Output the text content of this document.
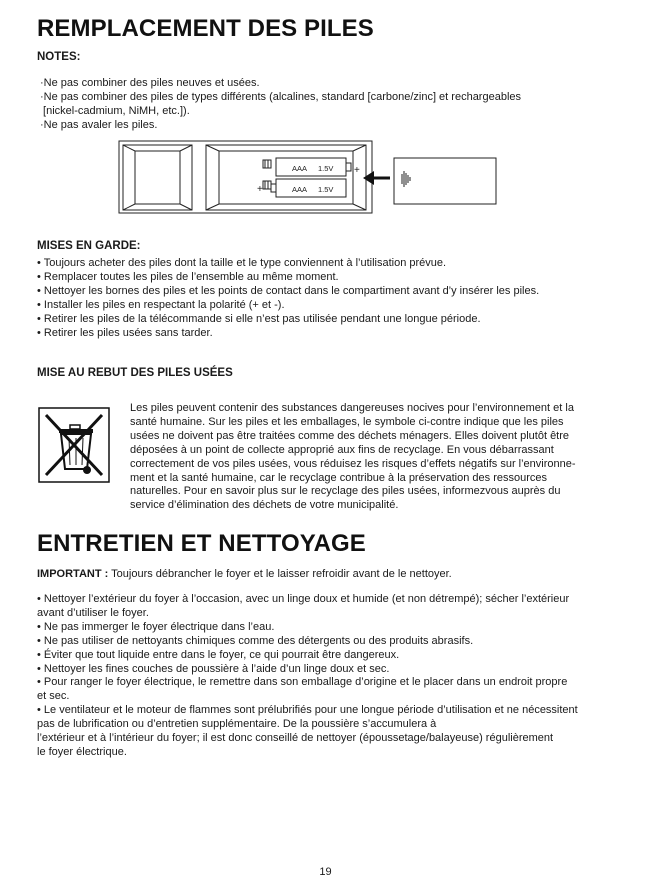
REMPLACEMENT DES PILES
NOTES:
·Ne pas combiner des piles neuves et usées.
·Ne pas combiner des piles de types différents (alcalines, standard [carbone/zinc] et rechargeables
[nickel-cadmium, NiMH, etc.]).
·Ne pas avaler les piles.
AAA 1.5V +
AAA 1.5V
+
MISES EN GARDE:
• Toujours acheter des piles dont la taille et le type conviennent à l’utilisation prévue.
• Remplacer toutes les piles de l’ensemble au même moment.
• Nettoyer les bornes des piles et les points de contact dans le compartiment avant d’y insérer les piles.
• Installer les piles en respectant la polarité (+ et -).
• Retirer les piles de la télécommande si elle n’est pas utilisée pendant une longue période.
• Retirer les piles usées sans tarder.
MISE AU REBUT DES PILES USÉES
Les piles peuvent contenir des substances dangereuses nocives pour l’environnement et la
santé humaine. Sur les piles et les emballages, le symbole ci-contre indique que les piles
usées ne doivent pas être traitées comme des déchets ménagers. Elles doivent plutôt être
déposées à un point de collecte approprié aux fins de recyclage. En vous débarrassant
correctement de vos piles usées, vous réduisez les risques d’effets négatifs sur l’environne-
ment et la santé humaine, car le recyclage contribue à la préservation des ressources
naturelles. Pour en savoir plus sur le recyclage des piles usées, informezvous auprès du
service d’élimination des déchets de votre municipalité.
ENTRETIEN ET NETTOYAGE
IMPORTANT : Toujours débrancher le foyer et le laisser refroidir avant de le nettoyer.
• Nettoyer l’extérieur du foyer à l’occasion, avec un linge doux et humide (et non détrempé); sécher l’extérieur
avant d’utiliser le foyer.
• Ne pas immerger le foyer électrique dans l’eau.
• Ne pas utiliser de nettoyants chimiques comme des détergents ou des produits abrasifs.
• Éviter que tout liquide entre dans le foyer, ce qui pourrait être dangereux.
• Nettoyer les fines couches de poussière à l’aide d’un linge doux et sec.
• Pour ranger le foyer électrique, le remettre dans son emballage d’origine et le placer dans un endroit propre
et sec.
• Le ventilateur et le moteur de flammes sont prélubrifiés pour une longue période d’utilisation et ne nécessitent
pas de lubrification ou d’entretien supplémentaire. De la poussière s’accumulera à
l’extérieur et à l’intérieur du foyer; il est donc conseillé de nettoyer (époussetage/balayeuse) régulièrement
le foyer électrique.
19
